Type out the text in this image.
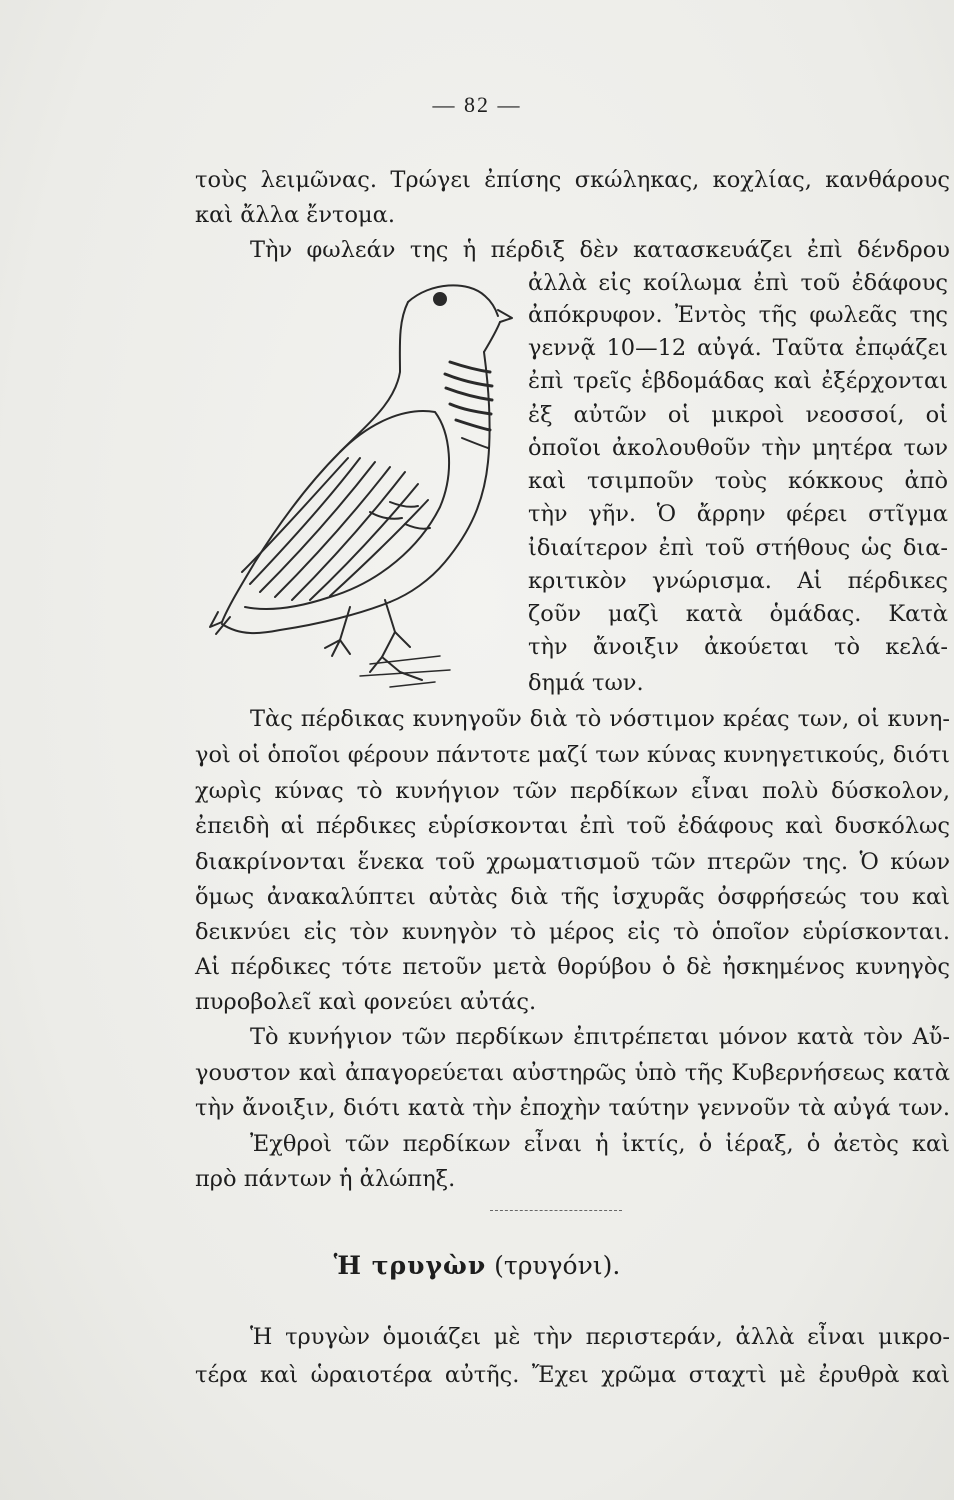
— 82 —
τοὺς λειμῶνας. Τρώγει ἐπίσης σκώληκας, κοχλίας, κανθάρους
καὶ ἄλλα ἔντομα.
Τὴν φωλεάν της ἡ πέρδιξ δὲν κατασκευάζει ἐπὶ δένδρου
ἀλλὰ εἰς κοίλωμα ἐπὶ τοῦ ἐδάφους
ἀπόκρυφον. Ἐντὸς τῆς φωλεᾶς της
γεννᾷ 10—12 αὐγά. Ταῦτα ἐπῳάζει
ἐπὶ τρεῖς ἑβδομάδας καὶ ἐξέρχονται
ἐξ αὐτῶν οἱ μικροὶ νεοσσοί, οἱ
ὁποῖοι ἀκολουθοῦν τὴν μητέρα των
καὶ τσιμποῦν τοὺς κόκκους ἀπὸ
τὴν γῆν. Ὁ ἄρρην φέρει στῖγμα
ἰδιαίτερον ἐπὶ τοῦ στήθους ὡς δια-
κριτικὸν γνώρισμα. Αἱ πέρδικες
ζοῦν μαζὶ κατὰ ὁμάδας. Κατὰ
τὴν ἄνοιξιν ἀκούεται τὸ κελά-
δημά των.
Τὰς πέρδικας κυνηγοῦν διὰ τὸ νόστιμον κρέας των, οἱ κυνη-
γοὶ οἱ ὁποῖοι φέρουν πάντοτε μαζί των κύνας κυνηγετικούς, διότι
χωρὶς κύνας τὸ κυνήγιον τῶν περδίκων εἶναι πολὺ δύσκολον,
ἐπειδὴ αἱ πέρδικες εὑρίσκονται ἐπὶ τοῦ ἐδάφους καὶ δυσκόλως
διακρίνονται ἕνεκα τοῦ χρωματισμοῦ τῶν πτερῶν της. Ὁ κύων
ὅμως ἀνακαλύπτει αὐτὰς διὰ τῆς ἰσχυρᾶς ὀσφρήσεώς του καὶ
δεικνύει εἰς τὸν κυνηγὸν τὸ μέρος εἰς τὸ ὁποῖον εὑρίσκονται.
Αἱ πέρδικες τότε πετοῦν μετὰ θορύβου ὁ δὲ ἠσκημένος κυνηγὸς
πυροβολεῖ καὶ φονεύει αὐτάς.
Τὸ κυνήγιον τῶν περδίκων ἐπιτρέπεται μόνον κατὰ τὸν Αὔ-
γουστον καὶ ἀπαγορεύεται αὐστηρῶς ὑπὸ τῆς Κυβερνήσεως κατὰ
τὴν ἄνοιξιν, διότι κατὰ τὴν ἐποχὴν ταύτην γεννοῦν τὰ αὐγά των.
Ἐχθροὶ τῶν περδίκων εἶναι ἡ ἰκτίς, ὁ ἱέραξ, ὁ ἀετὸς καὶ
πρὸ πάντων ἡ ἀλώπηξ.
Ἡ τρυγὼν (τρυγόνι).
Ἡ τρυγὼν ὁμοιάζει μὲ τὴν περιστεράν, ἀλλὰ εἶναι μικρο-
τέρα καὶ ὡραιοτέρα αὐτῆς. Ἔχει χρῶμα σταχτὶ μὲ ἐρυθρὰ καὶ
